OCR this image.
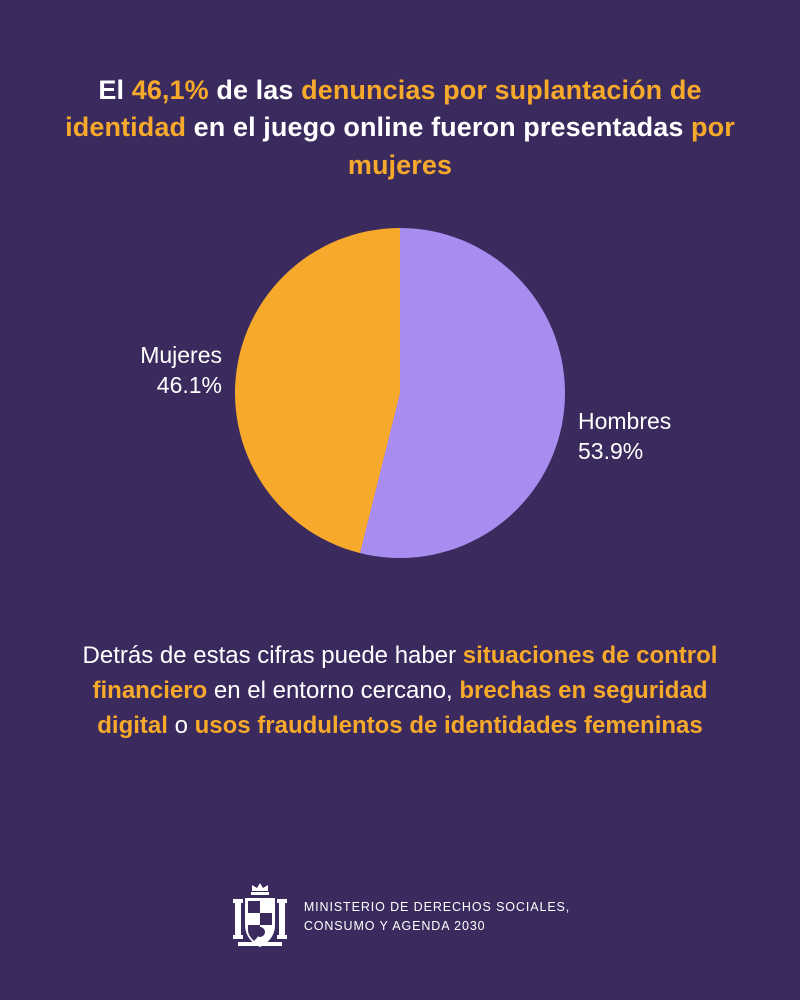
El 46,1% de las denuncias por suplantación de identidad en el juego online fueron presentadas por mujeres
Mujeres
46.1%
Hombres
53.9%
Detrás de estas cifras puede haber situaciones de control financiero en el entorno cercano, brechas en seguridad digital o usos fraudulentos de identidades femeninas
MINISTERIO DE DERECHOS SOCIALES,
CONSUMO Y AGENDA 2030
